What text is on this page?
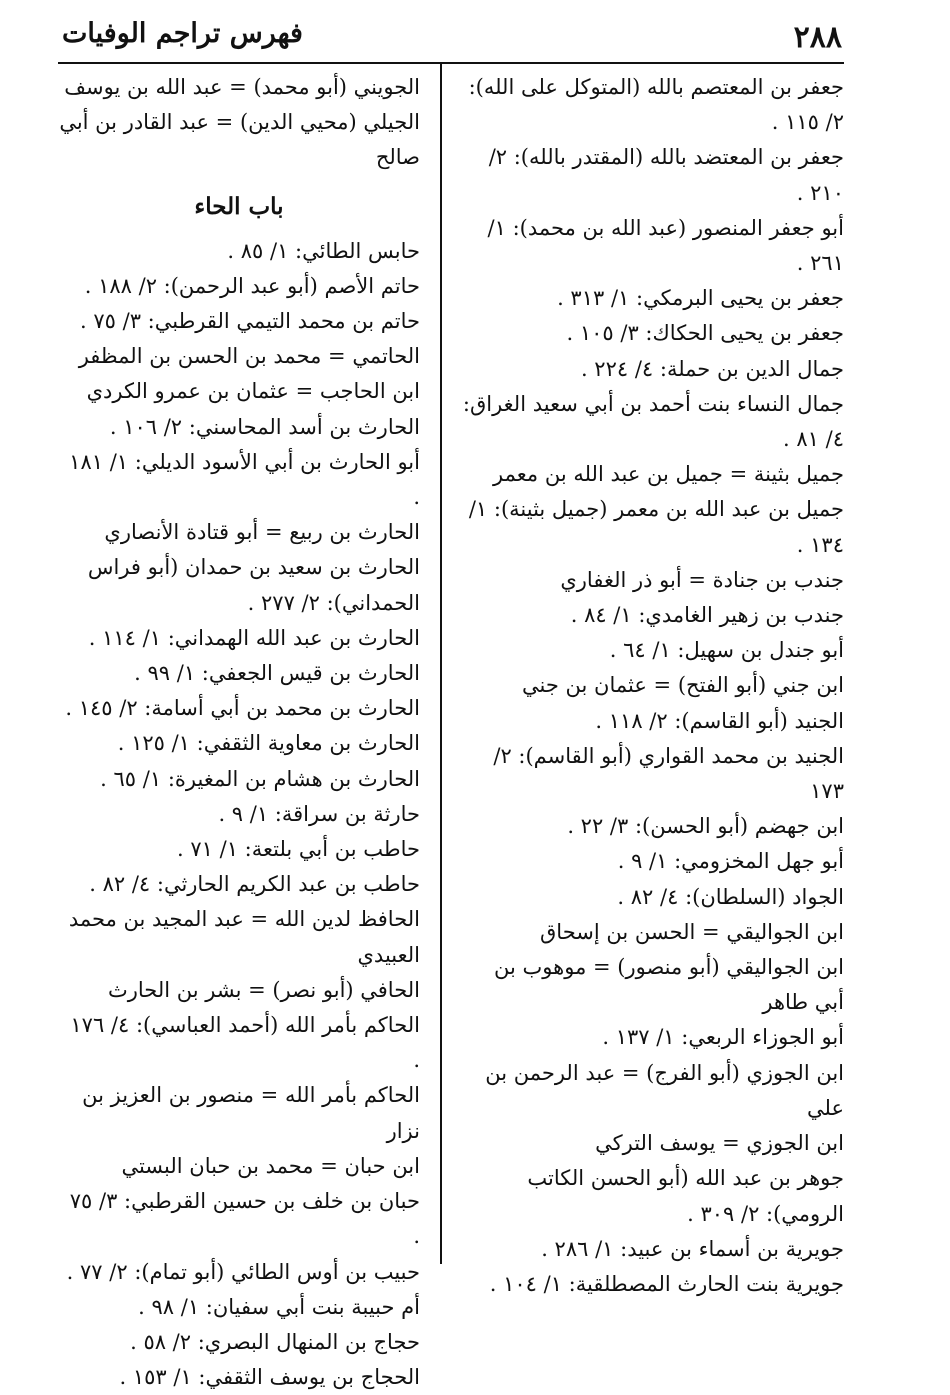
٢٨٨
فهرس تراجم الوفيات

جعفر بن المعتصم بالله (المتوكل على الله): ٢/ ١١٥ .

جعفر بن المعتضد بالله (المقتدر بالله): ٢/ ٢١٠ .

أبو جعفر المنصور (عبد الله بن محمد): ١/ ٢٦١ .

جعفر بن يحيى البرمكي: ١/ ٣١٣ .

جعفر بن يحيى الحكاك: ٣/ ١٠٥ .

جمال الدين بن حملة: ٤/ ٢٢٤ .

جمال النساء بنت أحمد بن أبي سعيد الغراق: ٤/ ٨١ .

جميل بثينة = جميل بن عبد الله بن معمر

جميل بن عبد الله بن معمر (جميل بثينة): ١/ ١٣٤ .

جندب بن جنادة = أبو ذر الغفاري

جندب بن زهير الغامدي: ١/ ٨٤ .

أبو جندل بن سهيل: ١/ ٦٤ .

ابن جني (أبو الفتح) = عثمان بن جني

الجنيد (أبو القاسم): ٢/ ١١٨ .

الجنيد بن محمد القواري (أبو القاسم): ٢/ ١٧٣

ابن جهضم (أبو الحسن): ٣/ ٢٢ .

أبو جهل المخزومي: ١/ ٩ .

الجواد (السلطان): ٤/ ٨٢ .

ابن الجواليقي = الحسن بن إسحاق

ابن الجواليقي (أبو منصور) = موهوب بن أبي طاهر

أبو الجوزاء الربعي: ١/ ١٣٧ .

ابن الجوزي (أبو الفرج) = عبد الرحمن بن علي

ابن الجوزي = يوسف التركي

جوهر بن عبد الله (أبو الحسن الكاتب الرومي): ٢/ ٣٠٩ .

جويرية بن أسماء بن عبيد: ١/ ٢٨٦ .

جويرية بنت الحارث المصطلقية: ١/ ١٠٤ .

الجويني (أبو محمد) = عبد الله بن يوسف

الجيلي (محيي الدين) = عبد القادر بن أبي صالح

باب الحاء

حابس الطائي: ١/ ٨٥ .

حاتم الأصم (أبو عبد الرحمن): ٢/ ١٨٨ .

حاتم بن محمد التيمي القرطبي: ٣/ ٧٥ .

الحاتمي = محمد بن الحسن بن المظفر

ابن الحاجب = عثمان بن عمرو الكردي

الحارث بن أسد المحاسني: ٢/ ١٠٦ .

أبو الحارث بن أبي الأسود الديلي: ١/ ١٨١ .

الحارث بن ربيع = أبو قتادة الأنصاري

الحارث بن سعيد بن حمدان (أبو فراس الحمداني): ٢/ ٢٧٧ .

الحارث بن عبد الله الهمداني: ١/ ١١٤ .

الحارث بن قيس الجعفي: ١/ ٩٩ .

الحارث بن محمد بن أبي أسامة: ٢/ ١٤٥ .

الحارث بن معاوية الثقفي: ١/ ١٢٥ .

الحارث بن هشام بن المغيرة: ١/ ٦٥ .

حارثة بن سراقة: ١/ ٩ .

حاطب بن أبي بلتعة: ١/ ٧١ .

حاطب بن عبد الكريم الحارثي: ٤/ ٨٢ .

الحافظ لدين الله = عبد المجيد بن محمد العبيدي

الحافي (أبو نصر) = بشر بن الحارث

الحاكم بأمر الله (أحمد العباسي): ٤/ ١٧٦ .

الحاكم بأمر الله = منصور بن العزيز بن نزار

ابن حبان = محمد بن حبان البستي

حبان بن خلف بن حسين القرطبي: ٣/ ٧٥ .

حبيب بن أوس الطائي (أبو تمام): ٢/ ٧٧ .

أم حبيبة بنت أبي سفيان: ١/ ٩٨ .

حجاج بن المنهال البصري: ٢/ ٥٨ .

الحجاج بن يوسف الثقفي: ١/ ١٥٣ .
